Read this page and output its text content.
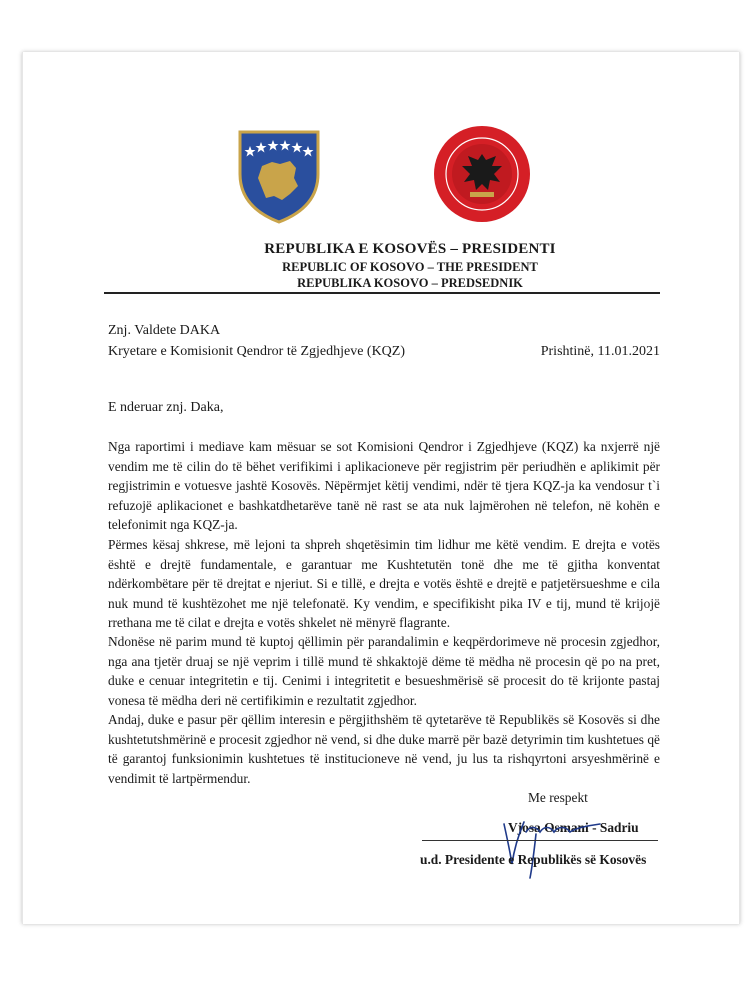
REPUBLIKA E KOSOVËS – PRESIDENTI
REPUBLIC OF KOSOVO – THE PRESIDENT
REPUBLIKA KOSOVO – PREDSEDNIK
Znj. Valdete DAKA
Kryetare e Komisionit Qendror të Zgjedhjeve (KQZ)	Prishtinë, 11.01.2021
E nderuar znj. Daka,

Nga raportimi i mediave kam mësuar se sot Komisioni Qendror i Zgjedhjeve (KQZ) ka nxjerrë një vendim me të cilin do të bëhet verifikimi i aplikacioneve për regjistrim për periudhën e aplikimit për regjistrimin e votuesve jashtë Kosovës. Nëpërmjet këtij vendimi, ndër të tjera KQZ-ja ka vendosur t`i refuzojë aplikacionet e bashkatdhetarëve tanë në rast se ata nuk lajmërohen në telefon, në kohën e telefonimit nga KQZ-ja.

Përmes kësaj shkrese, më lejoni ta shpreh shqetësimin tim lidhur me këtë vendim. E drejta e votës është e drejtë fundamentale, e garantuar me Kushtetutën tonë dhe me të gjitha konventat ndërkombëtare për të drejtat e njeriut. Si e tillë, e drejta e votës është e drejtë e patjetërsueshme e cila nuk mund të kushtëzohet me një telefonatë. Ky vendim, e specifikisht pika IV e tij, mund të krijojë rrethana me të cilat e drejta e votës shkelet në mënyrë flagrante.

Ndonëse në parim mund të kuptoj qëllimin për parandalimin e keqpërdorimeve në procesin zgjedhor, nga ana tjetër druaj se një veprim i tillë mund të shkaktojë dëme të mëdha në procesin që po na pret, duke e cenuar integritetin e tij. Cenimi i integritetit e besueshmërisë së procesit do të krijonte pastaj vonesa të mëdha deri në certifikimin e rezultatit zgjedhor.

Andaj, duke e pasur për qëllim interesin e përgjithshëm të qytetarëve të Republikës së Kosovës si dhe kushtetutshmërinë e procesit zgjedhor në vend, si dhe duke marrë për bazë detyrimin tim kushtetues që të garantoj funksionimin kushtetues të institucioneve në vend, ju lus ta rishqyrtoni arsyeshmërinë e vendimit të lartpërmendur.

Me respekt
Vjosa Osmani - Sadriu
u.d. Presidente e Republikës së Kosovës
